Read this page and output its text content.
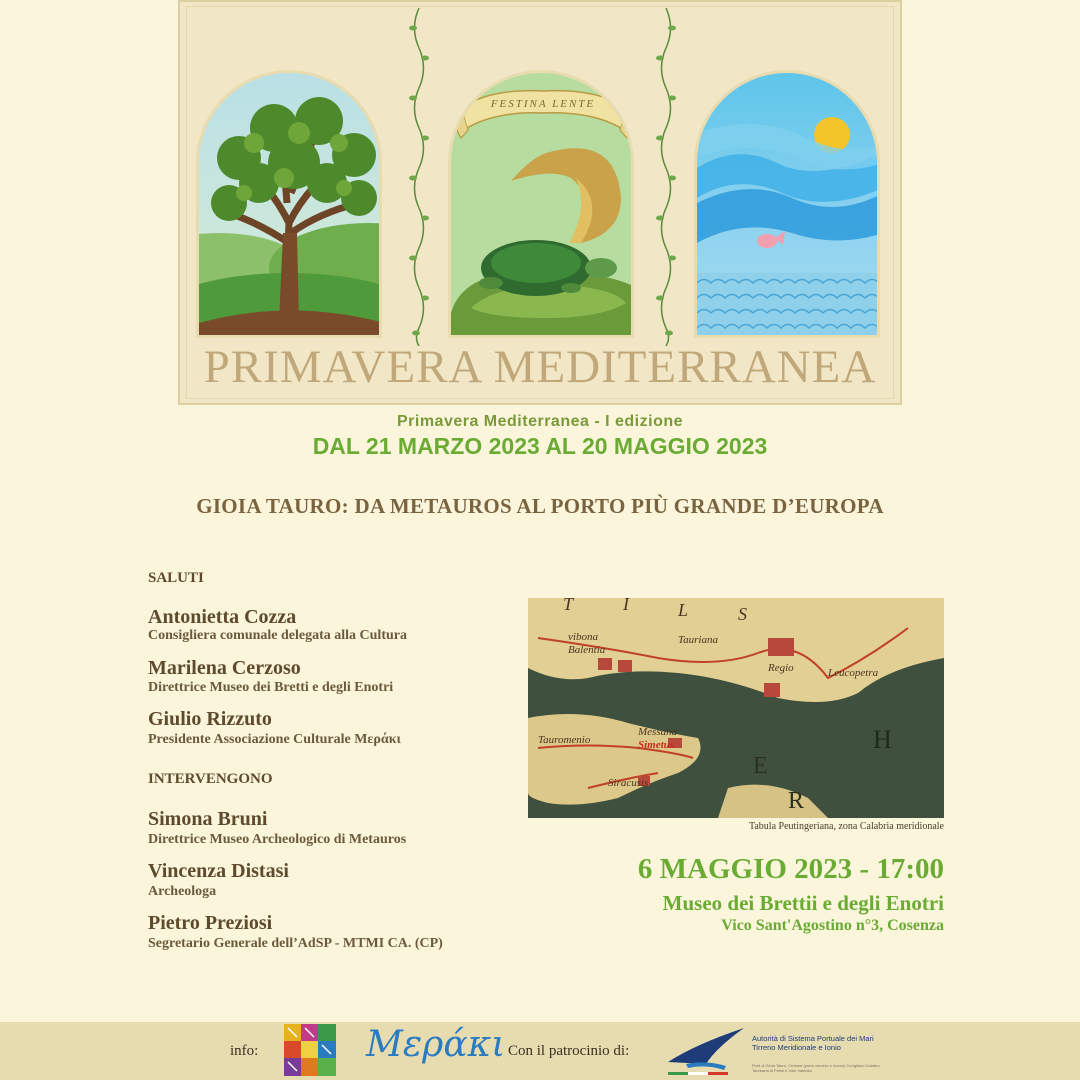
FESTINA LENTE
PRIMAVERA MEDITERRANEA
Primavera Mediterranea - I edizione
DAL 21 MARZO 2023 AL 20 MAGGIO 2023
GIOIA TAURO: DA METAUROS AL PORTO PIÙ GRANDE D’EUROPA
SALUTI
Antonietta Cozza
Consigliera comunale delegata alla Cultura
Marilena Cerzoso
Direttrice Museo dei Bretti e degli Enotri
Giulio Rizzuto
Presidente Associazione Culturale Μεράκι
INTERVENGONO
Simona Bruni
Direttrice Museo Archeologico di Metauros
Vincenza Distasi
Archeologa
Pietro Preziosi
Segretario Generale dell’AdSP - MTMI CA. (CP)
T	I	L	S
vibona
Balentia
Tauriana
Regio	Leucopetra
Messana
Tauromenio
Siracusis
Simetus
E
R
H
Tabula Peutingeriana, zona Calabria meridionale
6 MAGGIO 2023 - 17:00
Museo dei Brettii e degli Enotri
Vico Sant'Agostino n°3, Cosenza
info:	Μεράκι Con il patrocinio di:
Autorità di Sistema Portuale dei Mari Tirreno Meridionale e Ionio
Porti di Gioia Tauro, Crotone (porto vecchio e nuovo) Corigliano Calabro, Taureana di Palmi e Vibo Valentia
